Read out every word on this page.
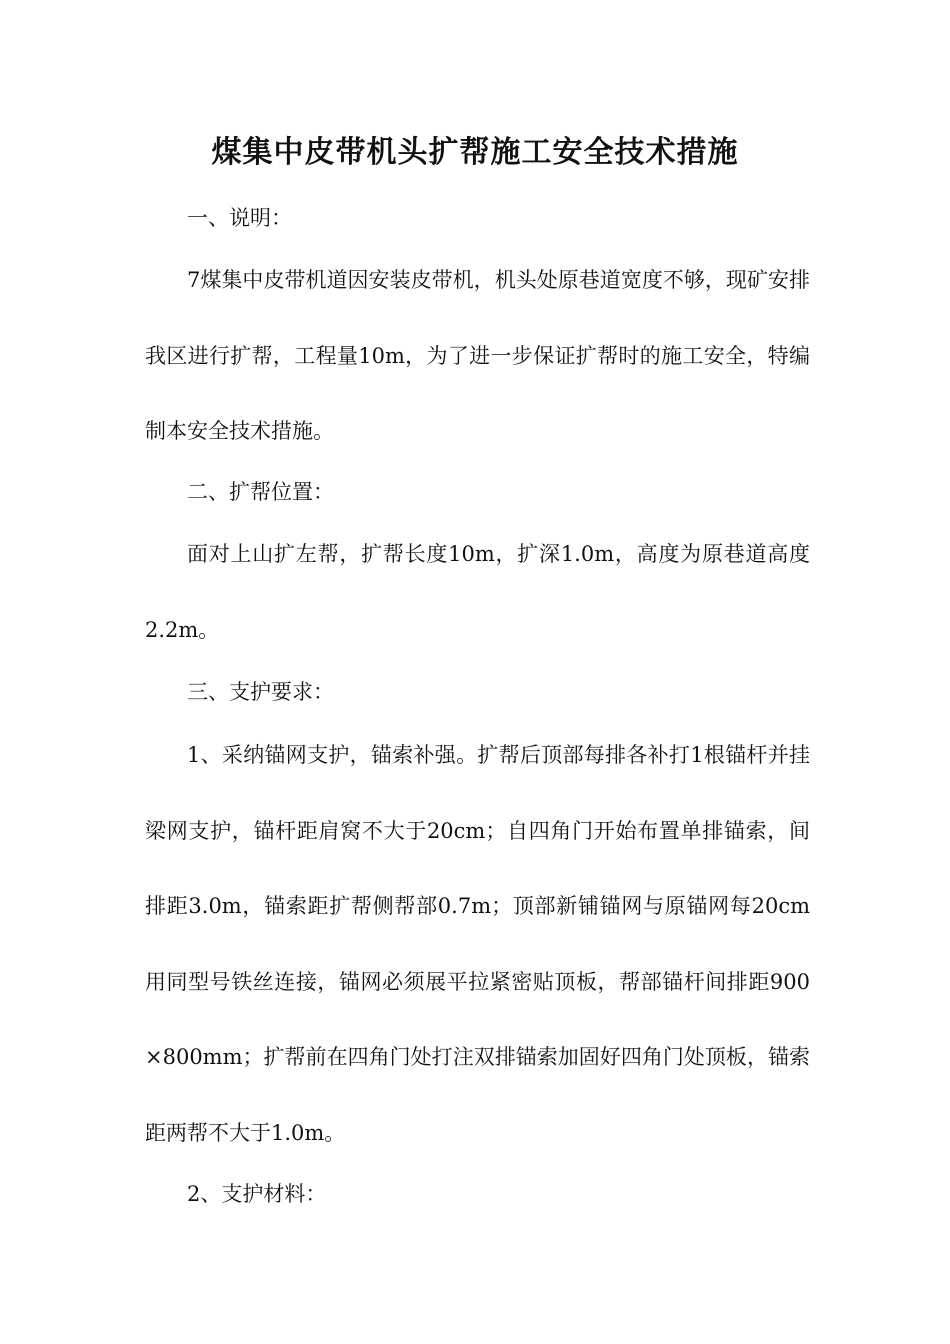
煤集中皮带机头扩帮施工安全技术措施

一、说明：

7煤集中皮带机道因安装皮带机，机头处原巷道宽度不够，现矿安排我区进行扩帮，工程量10m，为了进一步保证扩帮时的施工安全，特编制本安全技术措施。

二、扩帮位置：

面对上山扩左帮，扩帮长度10m，扩深1.0m，高度为原巷道高度2.2m。

三、支护要求：

1、采纳锚网支护，锚索补强。扩帮后顶部每排各补打1根锚杆并挂梁网支护，锚杆距肩窝不大于20cm；自四角门开始布置单排锚索，间排距3.0m，锚索距扩帮侧帮部0.7m；顶部新铺锚网与原锚网每20cm用同型号铁丝连接，锚网必须展平拉紧密贴顶板，帮部锚杆间排距900×800mm；扩帮前在四角门处打注双排锚索加固好四角门处顶板，锚索距两帮不大于1.0m。

2、支护材料：
